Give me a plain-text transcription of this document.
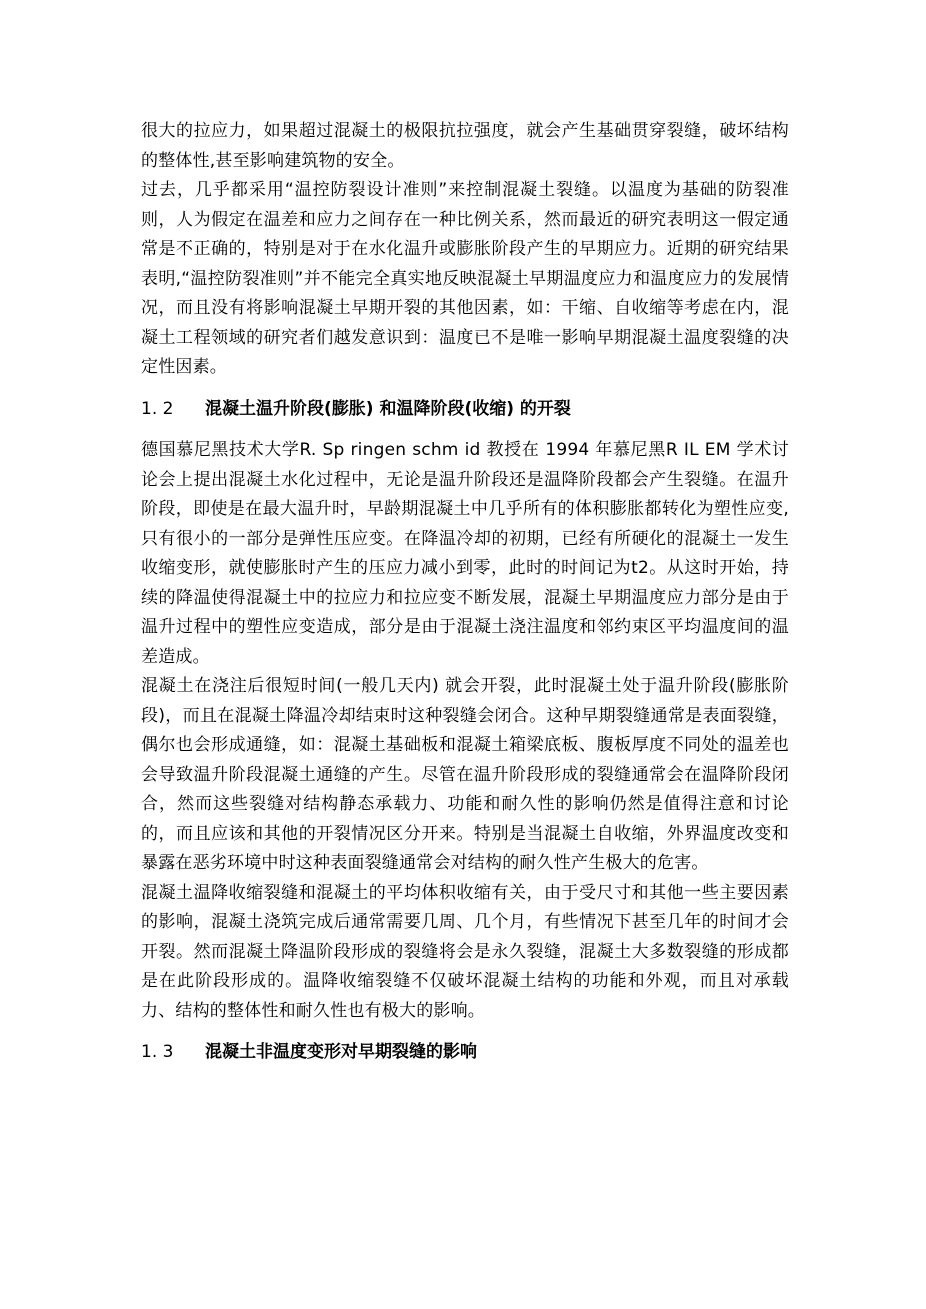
很大的拉应力，如果超过混凝土的极限抗拉强度，就会产生基础贯穿裂缝，破坏结构的整体性,甚至影响建筑物的安全。

过去，几乎都采用“温控防裂设计准则”来控制混凝土裂缝。以温度为基础的防裂准则，人为假定在温差和应力之间存在一种比例关系，然而最近的研究表明这一假定通常是不正确的，特别是对于在水化温升或膨胀阶段产生的早期应力。近期的研究结果表明,“温控防裂准则”并不能完全真实地反映混凝土早期温度应力和温度应力的发展情况，而且没有将影响混凝土早期开裂的其他因素，如：干缩、自收缩等考虑在内，混凝土工程领域的研究者们越发意识到：温度已不是唯一影响早期混凝土温度裂缝的决定性因素。

1. 2	混凝土温升阶段(膨胀) 和温降阶段(收缩) 的开裂

德国慕尼黑技术大学R. Sp ringen schm id 教授在 1994 年慕尼黑R IL EM 学术讨论会上提出混凝土水化过程中，无论是温升阶段还是温降阶段都会产生裂缝。在温升阶段，即使是在最大温升时，早龄期混凝土中几乎所有的体积膨胀都转化为塑性应变,只有很小的一部分是弹性压应变。在降温冷却的初期，已经有所硬化的混凝土一发生收缩变形，就使膨胀时产生的压应力减小到零，此时的时间记为t2。从这时开始，持续的降温使得混凝土中的拉应力和拉应变不断发展，混凝土早期温度应力部分是由于温升过程中的塑性应变造成，部分是由于混凝土浇注温度和邻约束区平均温度间的温差造成。

混凝土在浇注后很短时间(一般几天内) 就会开裂，此时混凝土处于温升阶段(膨胀阶段)，而且在混凝土降温冷却结束时这种裂缝会闭合。这种早期裂缝通常是表面裂缝，偶尔也会形成通缝，如：混凝土基础板和混凝土箱梁底板、腹板厚度不同处的温差也会导致温升阶段混凝土通缝的产生。尽管在温升阶段形成的裂缝通常会在温降阶段闭合，然而这些裂缝对结构静态承载力、功能和耐久性的影响仍然是值得注意和讨论的，而且应该和其他的开裂情况区分开来。特别是当混凝土自收缩，外界温度改变和暴露在恶劣环境中时这种表面裂缝通常会对结构的耐久性产生极大的危害。

混凝土温降收缩裂缝和混凝土的平均体积收缩有关，由于受尺寸和其他一些主要因素的影响，混凝土浇筑完成后通常需要几周、几个月，有些情况下甚至几年的时间才会开裂。然而混凝土降温阶段形成的裂缝将会是永久裂缝，混凝土大多数裂缝的形成都是在此阶段形成的。温降收缩裂缝不仅破坏混凝土结构的功能和外观，而且对承载力、结构的整体性和耐久性也有极大的影响。

1. 3	混凝土非温度变形对早期裂缝的影响
